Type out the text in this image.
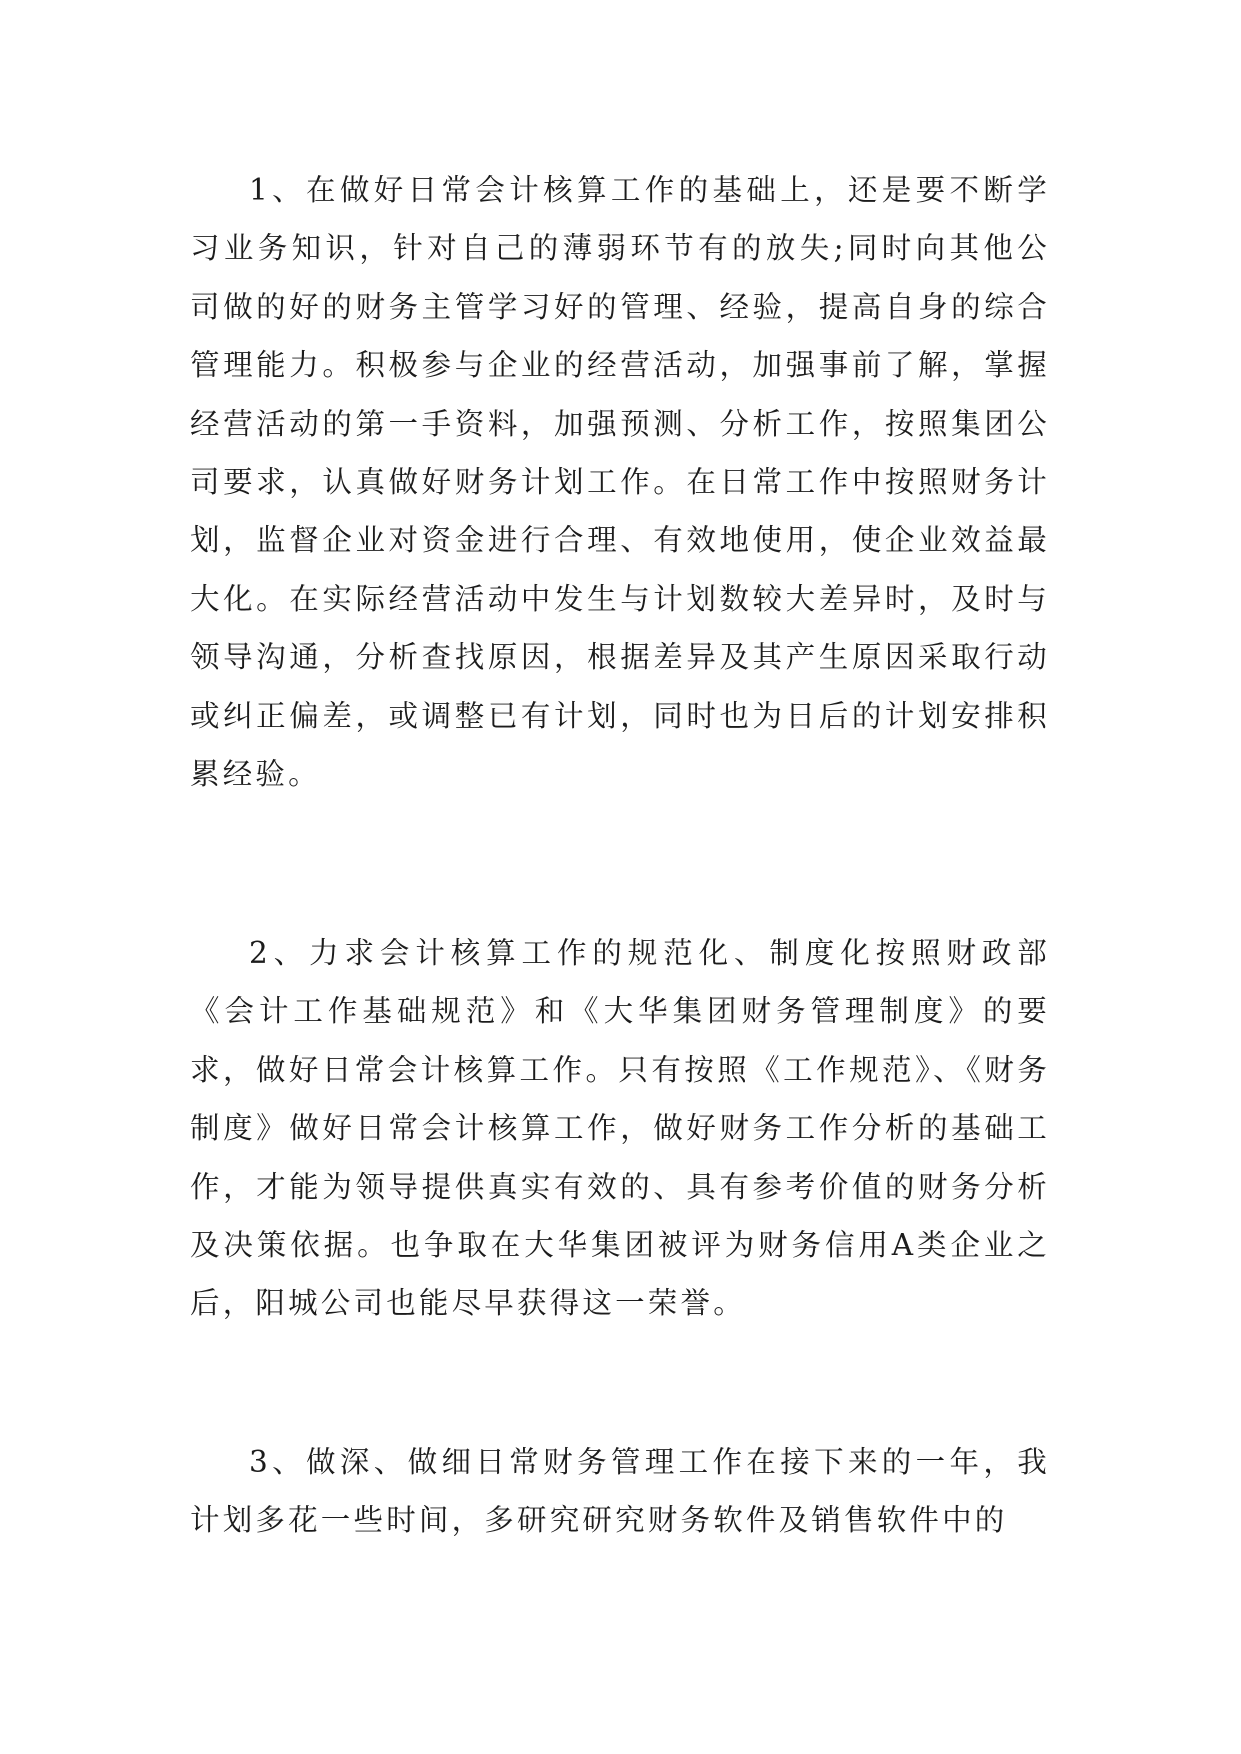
1、在做好日常会计核算工作的基础上，还是要不断学习业务知识，针对自己的薄弱环节有的放失;同时向其他公司做的好的财务主管学习好的管理、经验，提高自身的综合管理能力。积极参与企业的经营活动，加强事前了解，掌握经营活动的第一手资料，加强预测、分析工作，按照集团公司要求，认真做好财务计划工作。在日常工作中按照财务计划，监督企业对资金进行合理、有效地使用，使企业效益最大化。在实际经营活动中发生与计划数较大差异时，及时与领导沟通，分析查找原因，根据差异及其产生原因采取行动或纠正偏差，或调整已有计划，同时也为日后的计划安排积累经验。

2、力求会计核算工作的规范化、制度化按照财政部《会计工作基础规范》和《大华集团财务管理制度》的要求，做好日常会计核算工作。只有按照《工作规范》、《财务制度》做好日常会计核算工作，做好财务工作分析的基础工作，才能为领导提供真实有效的、具有参考价值的财务分析及决策依据。也争取在大华集团被评为财务信用A类企业之后，阳城公司也能尽早获得这一荣誉。

3、做深、做细日常财务管理工作在接下来的一年，我计划多花一些时间，多研究研究财务软件及销售软件中的
